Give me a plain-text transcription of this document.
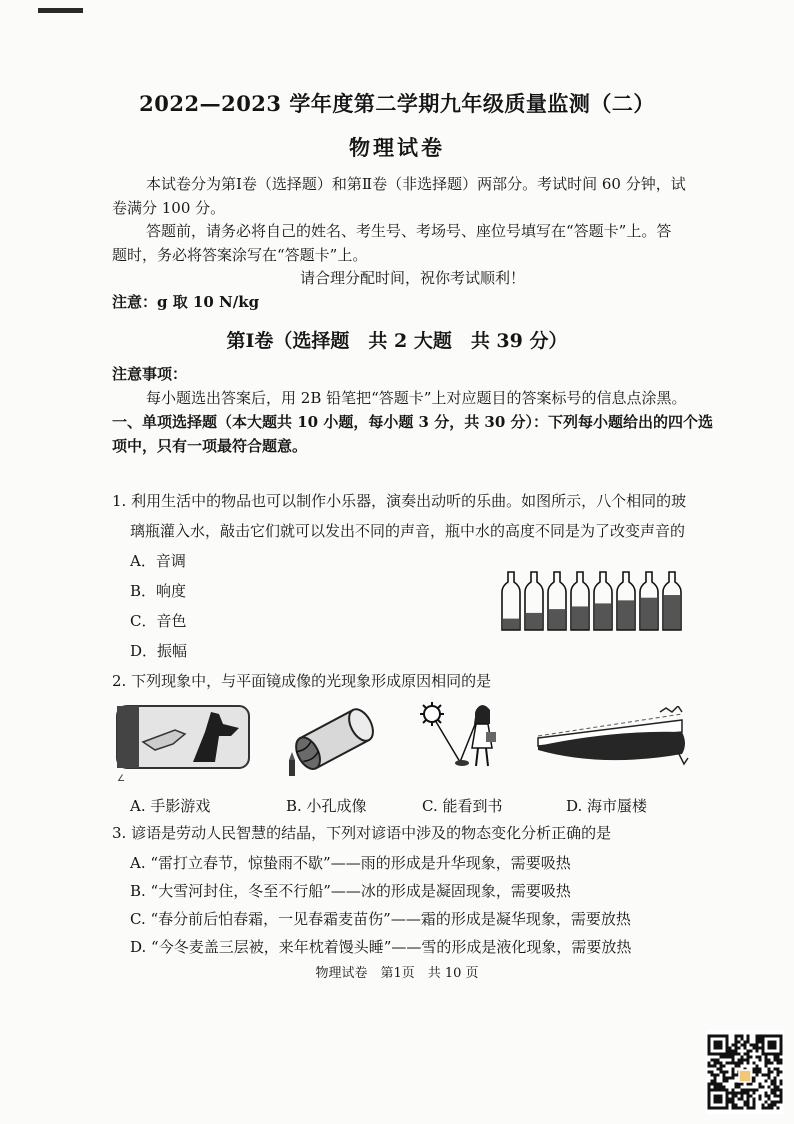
2022—2023 学年度第二学期九年级质量监测（二）
物理试卷
本试卷分为第Ⅰ卷（选择题）和第Ⅱ卷（非选择题）两部分。考试时间 60 分钟，试
卷满分 100 分。
答题前，请务必将自己的姓名、考生号、考场号、座位号填写在“答题卡”上。答
题时，务必将答案涂写在“答题卡”上。
请合理分配时间，祝你考试顺利！
注意：g 取 10 N/kg
第Ⅰ卷（选择题　共 2 大题　共 39 分）
注意事项：
每小题选出答案后，用 2B 铅笔把“答题卡”上对应题目的答案标号的信息点涂黑。
一、单项选择题（本大题共 10 小题，每小题 3 分，共 30 分）：下列每小题给出的四个选
项中，只有一项最符合题意。
1. 利用生活中的物品也可以制作小乐器，演奏出动听的乐曲。如图所示，八个相同的玻
璃瓶灌入水，敲击它们就可以发出不同的声音，瓶中水的高度不同是为了改变声音的
A．音调
B．响度
C．音色
D．振幅
2. 下列现象中，与平面镜成像的光现象形成原因相同的是
∠
A. 手影游戏	B. 小孔成像	C. 能看到书	D. 海市蜃楼
3. 谚语是劳动人民智慧的结晶，下列对谚语中涉及的物态变化分析正确的是
A. “雷打立春节，惊蛰雨不歇”——雨的形成是升华现象，需要吸热
B. “大雪河封住，冬至不行船”——冰的形成是凝固现象，需要吸热
C. “春分前后怕春霜，一见春霜麦苗伤”——霜的形成是凝华现象，需要放热
D. “今冬麦盖三层被，来年枕着馒头睡”——雪的形成是液化现象，需要放热
物理试卷　第1页　共 10 页
